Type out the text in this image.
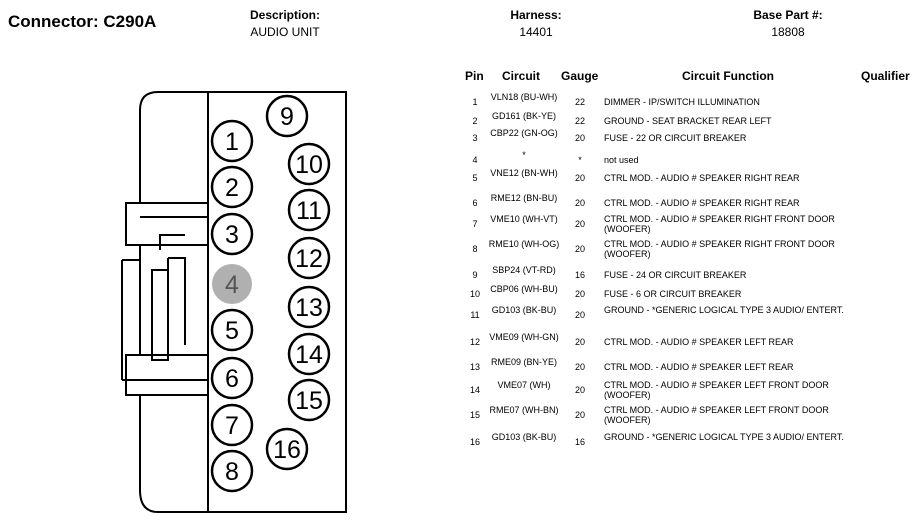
Connector: C290A	Description:
AUDIO UNIT
Harness:
14401
Base Part #:
18808
Pin Circuit Gauge	Circuit Function	Qualifier
1	VLN18 (BU-WH)	22	DIMMER - IP/SWITCH ILLUMINATION
2	GD161 (BK-YE)	22	GROUND - SEAT BRACKET REAR LEFT
3	CBP22 (GN-OG)	20	FUSE - 22 OR CIRCUIT BREAKER
4	*	*	not used
5	VNE12 (BN-WH)	20	CTRL MOD. - AUDIO # SPEAKER RIGHT REAR
6	RME12 (BN-BU)	20	CTRL MOD. - AUDIO # SPEAKER RIGHT REAR
7	VME10 (WH-VT)	20	CTRL MOD. - AUDIO # SPEAKER RIGHT FRONT DOOR (WOOFER)
8	RME10 (WH-OG)	20	CTRL MOD. - AUDIO # SPEAKER RIGHT FRONT DOOR (WOOFER)
9	SBP24 (VT-RD)	16	FUSE - 24 OR CIRCUIT BREAKER
10	CBP06 (WH-BU)	20	FUSE - 6 OR CIRCUIT BREAKER
11	GD103 (BK-BU)	20	GROUND - *GENERIC LOGICAL TYPE 3 AUDIO/ ENTERT.
12	VME09 (WH-GN)	20	CTRL MOD. - AUDIO # SPEAKER LEFT REAR
13	RME09 (BN-YE)	20	CTRL MOD. - AUDIO # SPEAKER LEFT REAR
14	VME07 (WH)	20	CTRL MOD. - AUDIO # SPEAKER LEFT FRONT DOOR (WOOFER)
15	RME07 (WH-BN)	20	CTRL MOD. - AUDIO # SPEAKER LEFT FRONT DOOR (WOOFER)
16	GD103 (BK-BU)	16	GROUND - *GENERIC LOGICAL TYPE 3 AUDIO/ ENTERT.
1
2
3
4
5
6
7
8
9
10
11
12
13
14
15
16
